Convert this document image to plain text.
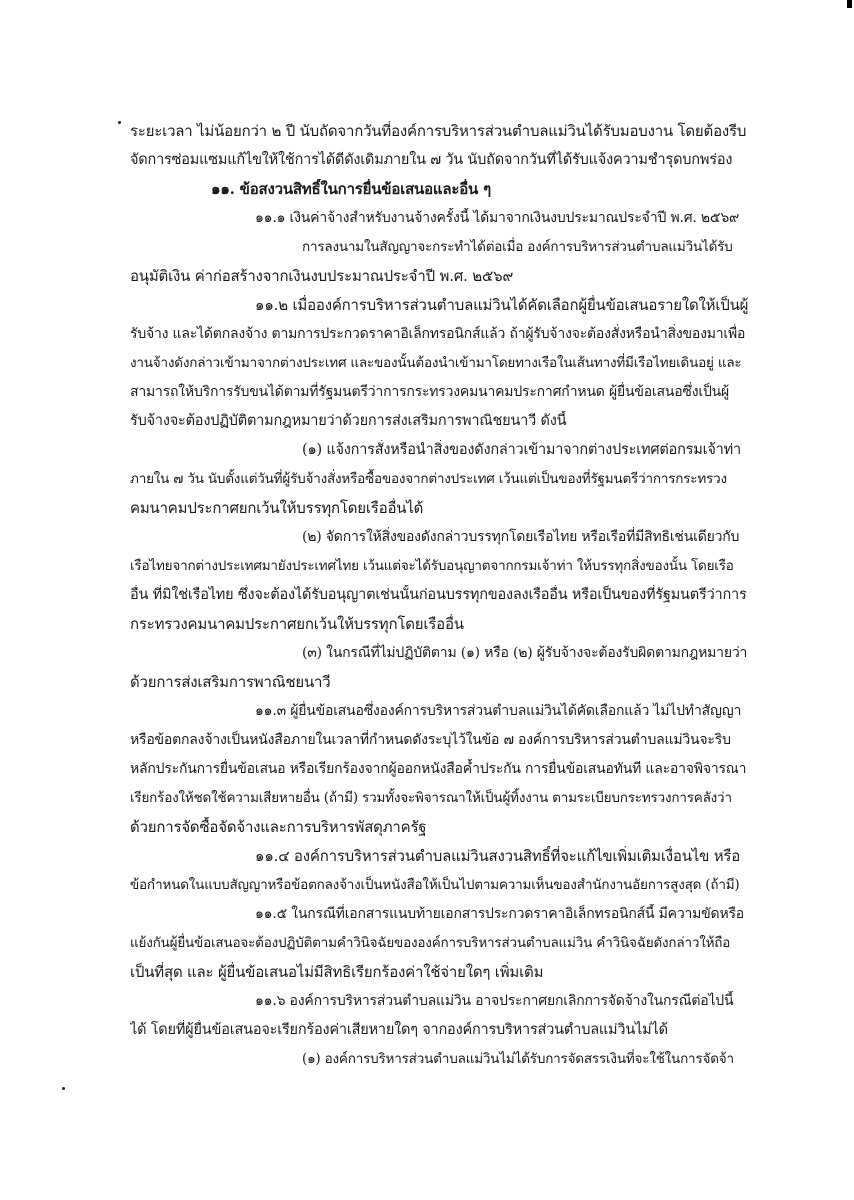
ระยะเวลา ไม่น้อยกว่า ๒ ปี นับถัดจากวันที่องค์การบริหารส่วนตำบลแม่วินได้รับมอบงาน โดยต้องรีบ
จัดการซ่อมแซมแก้ไขให้ใช้การได้ดีดังเดิมภายใน ๗ วัน นับถัดจากวันที่ได้รับแจ้งความชำรุดบกพร่อง
๑๑. ข้อสงวนสิทธิ์ในการยื่นข้อเสนอและอื่น ๆ
๑๑.๑ เงินค่าจ้างสำหรับงานจ้างครั้งนี้ ได้มาจากเงินงบประมาณประจำปี พ.ศ. ๒๕๖๙
การลงนามในสัญญาจะกระทำได้ต่อเมื่อ องค์การบริหารส่วนตำบลแม่วินได้รับ
อนุมัติเงิน ค่าก่อสร้างจากเงินงบประมาณประจำปี พ.ศ. ๒๕๖๙
๑๑.๒ เมื่อองค์การบริหารส่วนตำบลแม่วินได้คัดเลือกผู้ยื่นข้อเสนอรายใดให้เป็นผู้
รับจ้าง และได้ตกลงจ้าง ตามการประกวดราคาอิเล็กทรอนิกส์แล้ว ถ้าผู้รับจ้างจะต้องสั่งหรือนำสิ่งของมาเพื่อ
งานจ้างดังกล่าวเข้ามาจากต่างประเทศ และของนั้นต้องนำเข้ามาโดยทางเรือในเส้นทางที่มีเรือไทยเดินอยู่ และ
สามารถให้บริการรับขนได้ตามที่รัฐมนตรีว่าการกระทรวงคมนาคมประกาศกำหนด ผู้ยื่นข้อเสนอซึ่งเป็นผู้
รับจ้างจะต้องปฏิบัติตามกฎหมายว่าด้วยการส่งเสริมการพาณิชยนาวี ดังนี้
(๑) แจ้งการสั่งหรือนำสิ่งของดังกล่าวเข้ามาจากต่างประเทศต่อกรมเจ้าท่า
ภายใน ๗ วัน นับตั้งแต่วันที่ผู้รับจ้างสั่งหรือซื้อของจากต่างประเทศ เว้นแต่เป็นของที่รัฐมนตรีว่าการกระทรวง
คมนาคมประกาศยกเว้นให้บรรทุกโดยเรืออื่นได้
(๒) จัดการให้สิ่งของดังกล่าวบรรทุกโดยเรือไทย หรือเรือที่มีสิทธิเช่นเดียวกับ
เรือไทยจากต่างประเทศมายังประเทศไทย เว้นแต่จะได้รับอนุญาตจากกรมเจ้าท่า ให้บรรทุกสิ่งของนั้น โดยเรือ
อื่น ที่มิใช่เรือไทย ซึ่งจะต้องได้รับอนุญาตเช่นนั้นก่อนบรรทุกของลงเรืออื่น หรือเป็นของที่รัฐมนตรีว่าการ
กระทรวงคมนาคมประกาศยกเว้นให้บรรทุกโดยเรืออื่น
(๓) ในกรณีที่ไม่ปฏิบัติตาม (๑) หรือ (๒) ผู้รับจ้างจะต้องรับผิดตามกฎหมายว่า
ด้วยการส่งเสริมการพาณิชยนาวี
๑๑.๓ ผู้ยื่นข้อเสนอซึ่งองค์การบริหารส่วนตำบลแม่วินได้คัดเลือกแล้ว ไม่ไปทำสัญญา
หรือข้อตกลงจ้างเป็นหนังสือภายในเวลาที่กำหนดดังระบุไว้ในข้อ ๗ องค์การบริหารส่วนตำบลแม่วินจะริบ
หลักประกันการยื่นข้อเสนอ หรือเรียกร้องจากผู้ออกหนังสือค้ำประกัน การยื่นข้อเสนอทันที และอาจพิจารณา
เรียกร้องให้ชดใช้ความเสียหายอื่น (ถ้ามี) รวมทั้งจะพิจารณาให้เป็นผู้ทิ้งงาน ตามระเบียบกระทรวงการคลังว่า
ด้วยการจัดซื้อจัดจ้างและการบริหารพัสดุภาครัฐ
๑๑.๔ องค์การบริหารส่วนตำบลแม่วินสงวนสิทธิ์ที่จะแก้ไขเพิ่มเติมเงื่อนไข หรือ
ข้อกำหนดในแบบสัญญาหรือข้อตกลงจ้างเป็นหนังสือให้เป็นไปตามความเห็นของสำนักงานอัยการสูงสุด (ถ้ามี)
๑๑.๕ ในกรณีที่เอกสารแนบท้ายเอกสารประกวดราคาอิเล็กทรอนิกส์นี้ มีความขัดหรือ
แย้งกันผู้ยื่นข้อเสนอจะต้องปฏิบัติตามคำวินิจฉัยขององค์การบริหารส่วนตำบลแม่วิน คำวินิจฉัยดังกล่าวให้ถือ
เป็นที่สุด และ ผู้ยื่นข้อเสนอไม่มีสิทธิเรียกร้องค่าใช้จ่ายใดๆ เพิ่มเติม
๑๑.๖ องค์การบริหารส่วนตำบลแม่วิน อาจประกาศยกเลิกการจัดจ้างในกรณีต่อไปนี้
ได้ โดยที่ผู้ยื่นข้อเสนอจะเรียกร้องค่าเสียหายใดๆ จากองค์การบริหารส่วนตำบลแม่วินไม่ได้
(๑) องค์การบริหารส่วนตำบลแม่วินไม่ได้รับการจัดสรรเงินที่จะใช้ในการจัดจ้า
